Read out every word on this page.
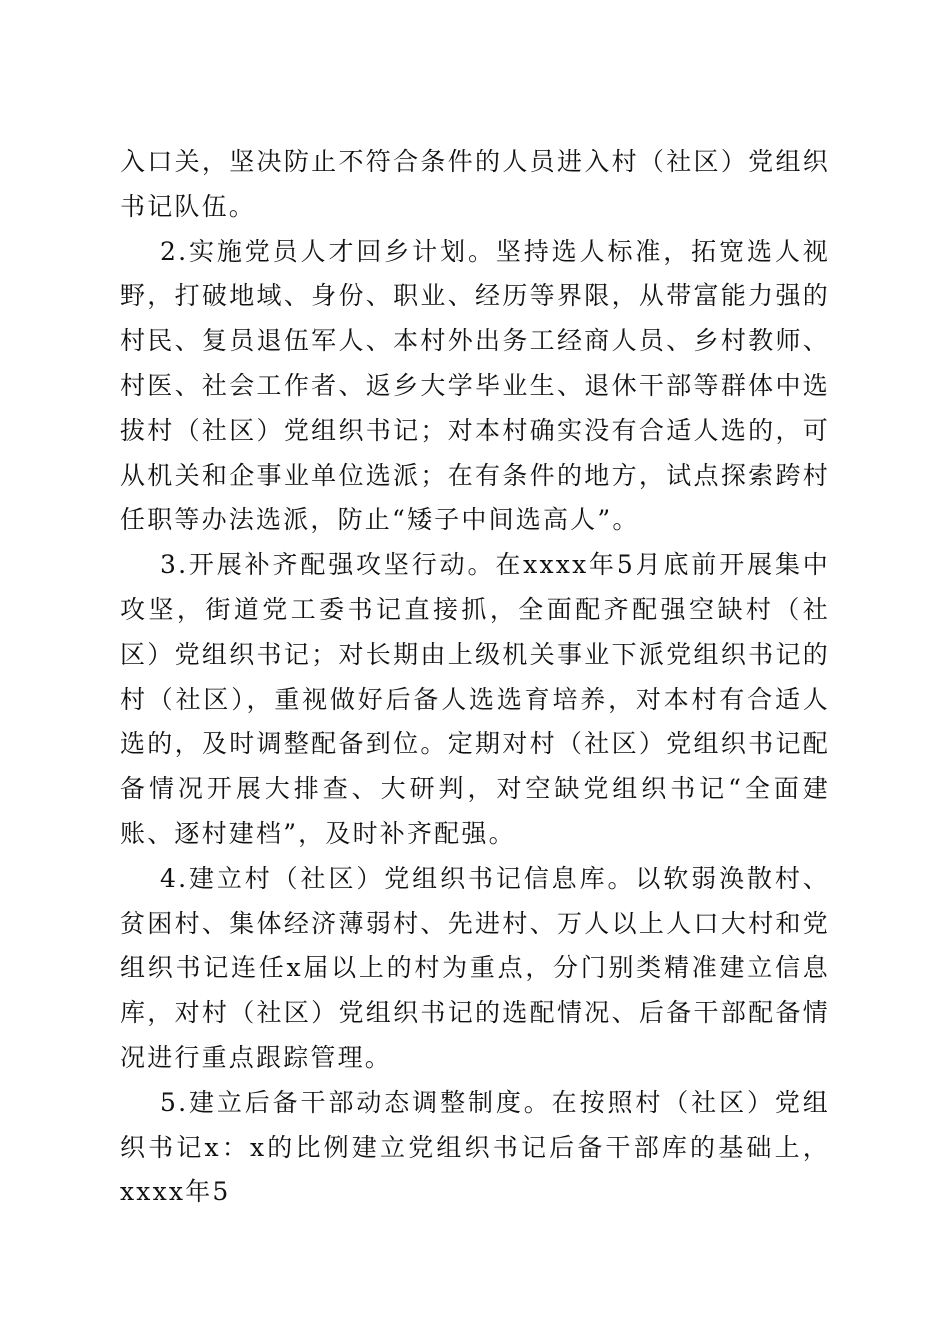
入口关，坚决防止不符合条件的人员进入村（社区）党组织书记队伍。

2.实施党员人才回乡计划。坚持选人标准，拓宽选人视野，打破地域、身份、职业、经历等界限，从带富能力强的村民、复员退伍军人、本村外出务工经商人员、乡村教师、村医、社会工作者、返乡大学毕业生、退休干部等群体中选拔村（社区）党组织书记；对本村确实没有合适人选的，可从机关和企事业单位选派；在有条件的地方，试点探索跨村任职等办法选派，防止“矮子中间选高人”。

3.开展补齐配强攻坚行动。在xxxx年5月底前开展集中攻坚，街道党工委书记直接抓，全面配齐配强空缺村（社区）党组织书记；对长期由上级机关事业下派党组织书记的村（社区），重视做好后备人选选育培养，对本村有合适人选的，及时调整配备到位。定期对村（社区）党组织书记配备情况开展大排查、大研判，对空缺党组织书记“全面建账、逐村建档”，及时补齐配强。

4.建立村（社区）党组织书记信息库。以软弱涣散村、贫困村、集体经济薄弱村、先进村、万人以上人口大村和党组织书记连任x届以上的村为重点，分门别类精准建立信息库，对村（社区）党组织书记的选配情况、后备干部配备情况进行重点跟踪管理。

5.建立后备干部动态调整制度。在按照村（社区）党组织书记x：x的比例建立党组织书记后备干部库的基础上，xxxx年5
